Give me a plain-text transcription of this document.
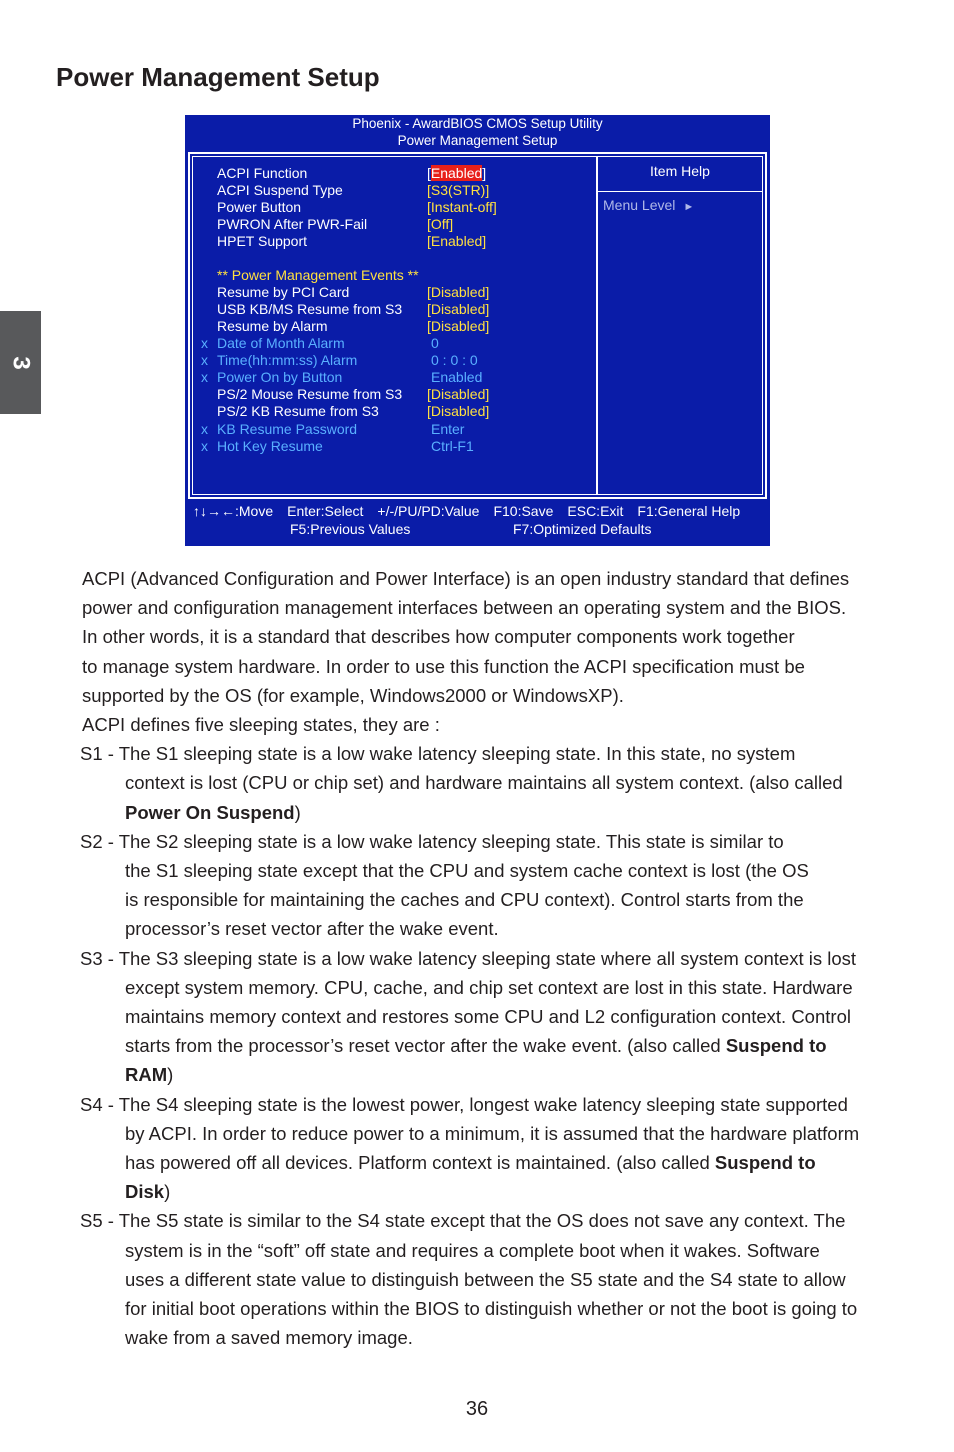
3
Power Management Setup
Phoenix - AwardBIOS CMOS Setup Utility
Power Management Setup
ACPI Function	[Enabled]
ACPI Suspend Type	[S3(STR)]
Power Button	[Instant-off]
PWRON After PWR-Fail	[Off]
HPET Support	[Enabled]
** Power Management Events **
Resume by PCI Card	[Disabled]
USB KB/MS Resume from S3 [Disabled]
Resume by Alarm	[Disabled]
x Date of Month Alarm	0
x Time(hh:mm:ss) Alarm	0 : 0 : 0
x Power On by Button	Enabled
PS/2 Mouse Resume from S3 [Disabled]
PS/2 KB Resume from S3	[Disabled]
x KB Resume Password	Enter
x Hot Key Resume	Ctrl-F1
Item Help
Menu Level ►
↑↓→←:Move Enter:Select +/-/PU/PD:Value F10:Save ESC:Exit F1:General Help
F5:Previous Values	F7:Optimized Defaults
ACPI (Advanced Configuration and Power Interface) is an open industry standard that defines
power and configuration management interfaces between an operating system and the BIOS.
In other words, it is a standard that describes how computer components work together
to manage system hardware. In order to use this function the ACPI specification must be
supported by the OS (for example, Windows2000 or WindowsXP).
ACPI defines five sleeping states, they are :
S1 - The S1 sleeping state is a low wake latency sleeping state. In this state, no system
context is lost (CPU or chip set) and hardware maintains all system context. (also called
Power On Suspend)
S2 - The S2 sleeping state is a low wake latency sleeping state. This state is similar to
the S1 sleeping state except that the CPU and system cache context is lost (the OS
is responsible for maintaining the caches and CPU context). Control starts from the
processor’s reset vector after the wake event.
S3 - The S3 sleeping state is a low wake latency sleeping state where all system context is lost
except system memory. CPU, cache, and chip set context are lost in this state. Hardware
maintains memory context and restores some CPU and L2 configuration context. Control
starts from the processor’s reset vector after the wake event. (also called Suspend to
RAM)
S4 - The S4 sleeping state is the lowest power, longest wake latency sleeping state supported
by ACPI. In order to reduce power to a minimum, it is assumed that the hardware platform
has powered off all devices. Platform context is maintained. (also called Suspend to
Disk)
S5 - The S5 state is similar to the S4 state except that the OS does not save any context. The
system is in the “soft” off state and requires a complete boot when it wakes. Software
uses a different state value to distinguish between the S5 state and the S4 state to allow
for initial boot operations within the BIOS to distinguish whether or not the boot is going to
wake from a saved memory image.
36
